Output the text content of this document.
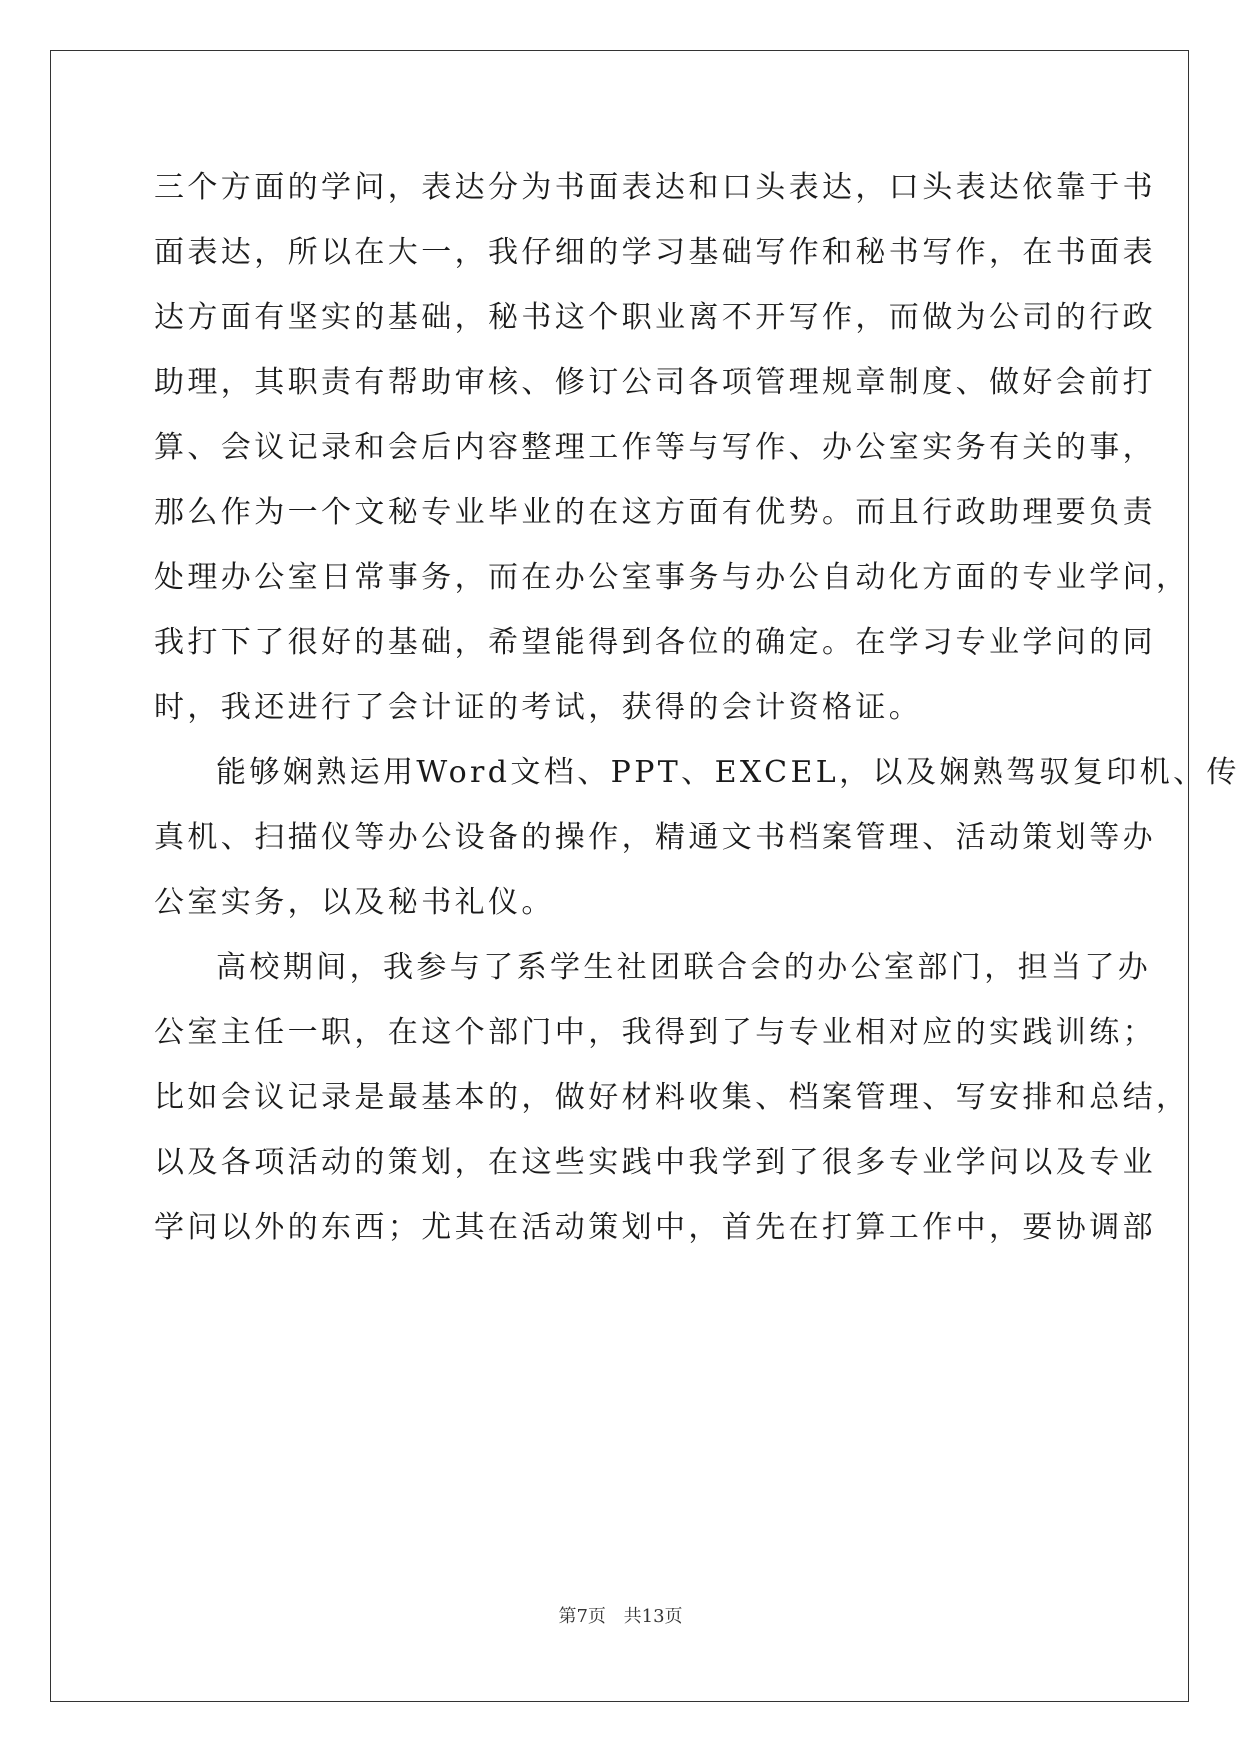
三个方面的学问，表达分为书面表达和口头表达，口头表达依靠于书
面表达，所以在大一，我仔细的学习基础写作和秘书写作，在书面表
达方面有坚实的基础，秘书这个职业离不开写作，而做为公司的行政
助理，其职责有帮助审核、修订公司各项管理规章制度、做好会前打
算、会议记录和会后内容整理工作等与写作、办公室实务有关的事，
那么作为一个文秘专业毕业的在这方面有优势。而且行政助理要负责
处理办公室日常事务，而在办公室事务与办公自动化方面的专业学问，
我打下了很好的基础，希望能得到各位的确定。在学习专业学问的同
时，我还进行了会计证的考试，获得的会计资格证。
能够娴熟运用Word文档、PPT、EXCEL，以及娴熟驾驭复印机、传
真机、扫描仪等办公设备的操作，精通文书档案管理、活动策划等办
公室实务，以及秘书礼仪。
高校期间，我参与了系学生社团联合会的办公室部门，担当了办
公室主任一职，在这个部门中，我得到了与专业相对应的实践训练；
比如会议记录是最基本的，做好材料收集、档案管理、写安排和总结，
以及各项活动的策划，在这些实践中我学到了很多专业学问以及专业
学问以外的东西；尤其在活动策划中，首先在打算工作中，要协调部
第7页 共13页
